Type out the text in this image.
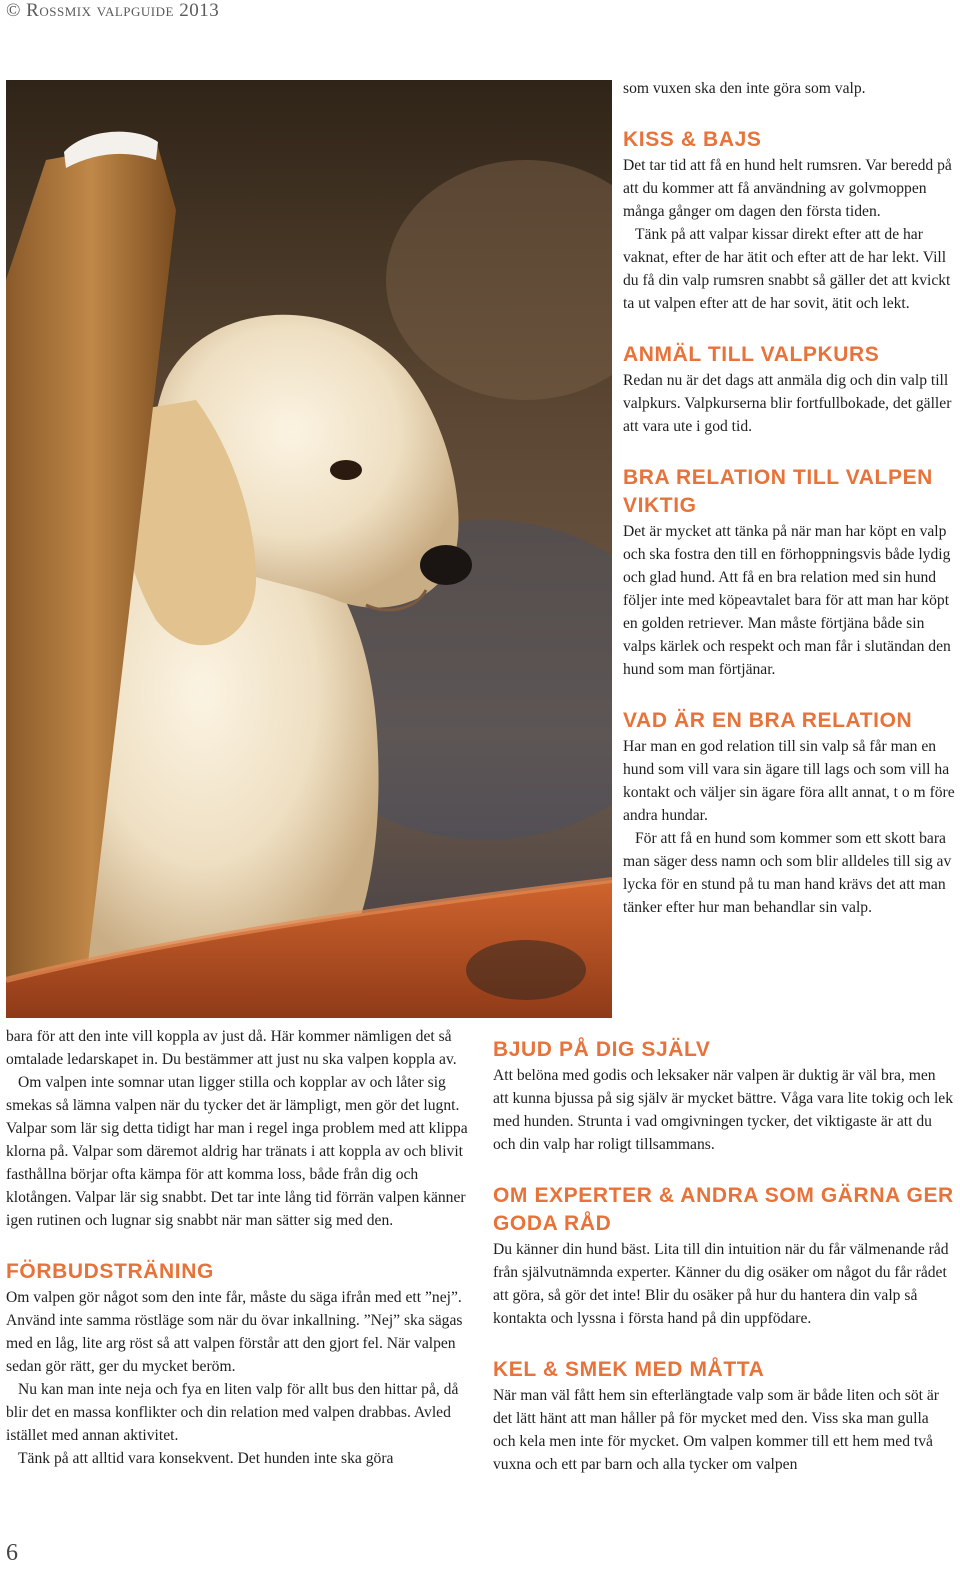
© Rossmix valpguide 2013

som vuxen ska den inte göra som valp.

KISS & BAJS

Det tar tid att få en hund helt rumsren. Var beredd på att du kommer att få användning av golvmoppen många gånger om dagen den första tiden.

Tänk på att valpar kissar direkt efter att de har vaknat, efter de har ätit och efter att de har lekt. Vill du få din valp rumsren snabbt så gäller det att kvickt ta ut valpen efter att de har sovit, ätit och lekt.

ANMÄL TILL VALPKURS

Redan nu är det dags att anmäla dig och din valp till valpkurs. Valpkurserna blir fortfullbokade, det gäller att vara ute i god tid.

BRA RELATION TILL VALPEN VIKTIG

Det är mycket att tänka på när man har köpt en valp och ska fostra den till en förhoppningsvis både lydig och glad hund. Att få en bra relation med sin hund följer inte med köpeavtalet bara för att man har köpt en golden retriever. Man måste förtjäna både sin valps kärlek och respekt och man får i slutändan den hund som man förtjänar.

VAD ÄR EN BRA RELATION

Har man en god relation till sin valp så får man en hund som vill vara sin ägare till lags och som vill ha kontakt och väljer sin ägare föra allt annat, t o m före andra hundar.

För att få en hund som kommer som ett skott bara man säger dess namn och som blir alldeles till sig av lycka för en stund på tu man hand krävs det att man tänker efter hur man behandlar sin valp.

bara för att den inte vill koppla av just då. Här kommer nämligen det så omtalade ledarskapet in. Du bestämmer att just nu ska valpen koppla av.

Om valpen inte somnar utan ligger stilla och kopplar av och låter sig smekas så lämna valpen när du tycker det är lämpligt, men gör det lugnt. Valpar som lär sig detta tidigt har man i regel inga problem med att klippa klorna på. Valpar som däremot aldrig har tränats i att koppla av och blivit fasthållna börjar ofta kämpa för att komma loss, både från dig och klotången. Valpar lär sig snabbt. Det tar inte lång tid förrän valpen känner igen rutinen och lugnar sig snabbt när man sätter sig med den.

FÖRBUDSTRÄNING

Om valpen gör något som den inte får, måste du säga ifrån med ett ”nej”. Använd inte samma röstläge som när du övar inkallning. ”Nej” ska sägas med en låg, lite arg röst så att valpen förstår att den gjort fel. När valpen sedan gör rätt, ger du mycket beröm.

Nu kan man inte neja och fya en liten valp för allt bus den hittar på, då blir det en massa konflikter och din relation med valpen drabbas. Avled istället med annan aktivitet.

Tänk på att alltid vara konsekvent. Det hunden inte ska göra

BJUD PÅ DIG SJÄLV

Att belöna med godis och leksaker när valpen är duktig är väl bra, men att kunna bjussa på sig själv är mycket bättre. Våga vara lite tokig och lek med hunden. Strunta i vad omgivningen tycker, det viktigaste är att du och din valp har roligt tillsammans.

OM EXPERTER & ANDRA SOM GÄRNA GER GODA RÅD

Du känner din hund bäst. Lita till din intuition när du får välmenande råd från självutnämnda experter. Känner du dig osäker om något du får rådet att göra, så gör det inte! Blir du osäker på hur du hantera din valp så kontakta och lyssna i första hand på din uppfödare.

KEL & SMEK MED MÅTTA

När man väl fått hem sin efterlängtade valp som är både liten och söt är det lätt hänt att man håller på för mycket med den. Viss ska man gulla och kela men inte för mycket. Om valpen kommer till ett hem med två vuxna och ett par barn och alla tycker om valpen

6
